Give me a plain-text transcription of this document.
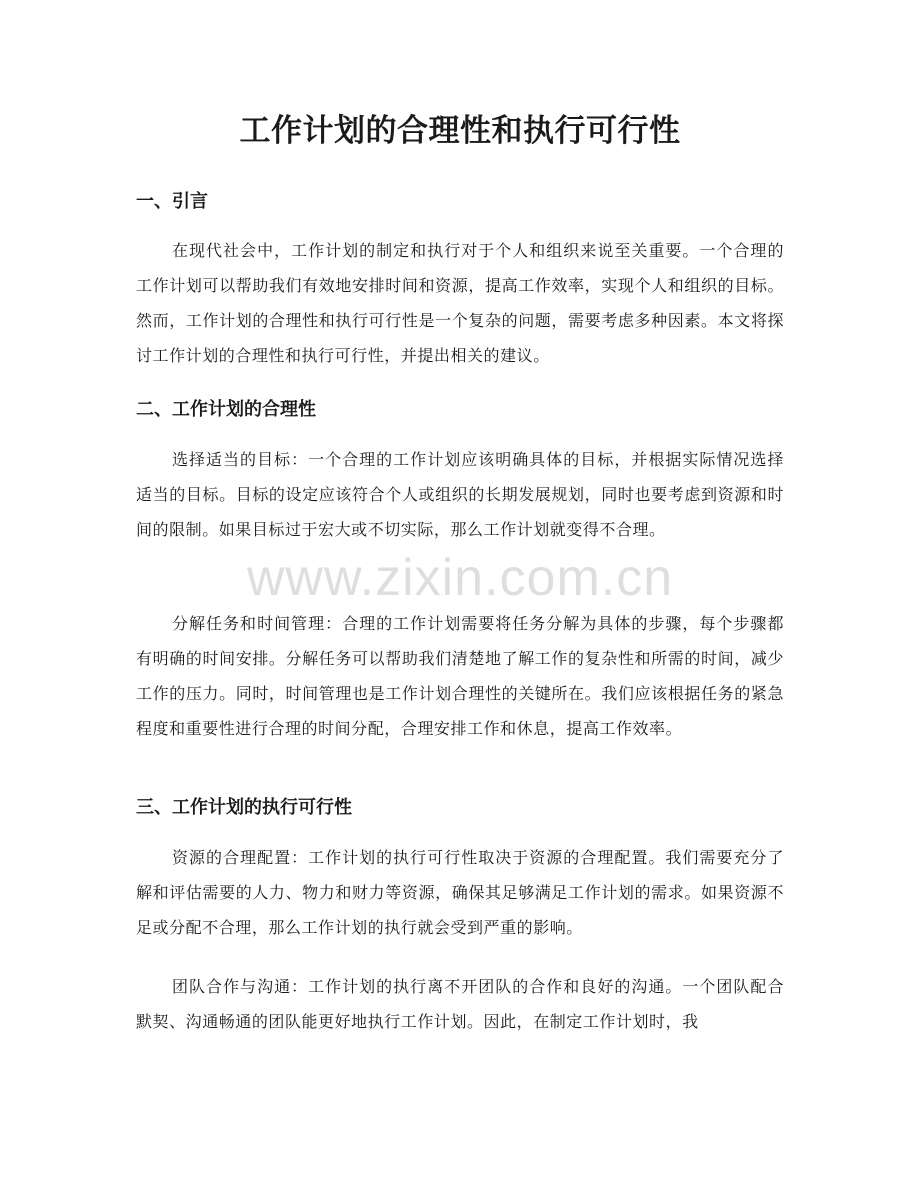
工作计划的合理性和执行可行性
一、引言

在现代社会中，工作计划的制定和执行对于个人和组织来说至关重要。一个合理的工作计划可以帮助我们有效地安排时间和资源，提高工作效率，实现个人和组织的目标。然而，工作计划的合理性和执行可行性是一个复杂的问题，需要考虑多种因素。本文将探讨工作计划的合理性和执行可行性，并提出相关的建议。

二、工作计划的合理性

选择适当的目标：一个合理的工作计划应该明确具体的目标，并根据实际情况选择适当的目标。目标的设定应该符合个人或组织的长期发展规划，同时也要考虑到资源和时间的限制。如果目标过于宏大或不切实际，那么工作计划就变得不合理。

分解任务和时间管理：合理的工作计划需要将任务分解为具体的步骤，每个步骤都有明确的时间安排。分解任务可以帮助我们清楚地了解工作的复杂性和所需的时间，减少工作的压力。同时，时间管理也是工作计划合理性的关键所在。我们应该根据任务的紧急程度和重要性进行合理的时间分配，合理安排工作和休息，提高工作效率。

三、工作计划的执行可行性

资源的合理配置：工作计划的执行可行性取决于资源的合理配置。我们需要充分了解和评估需要的人力、物力和财力等资源，确保其足够满足工作计划的需求。如果资源不足或分配不合理，那么工作计划的执行就会受到严重的影响。

团队合作与沟通：工作计划的执行离不开团队的合作和良好的沟通。一个团队配合默契、沟通畅通的团队能更好地执行工作计划。因此，在制定工作计划时，我

www.zixin.com.cn
